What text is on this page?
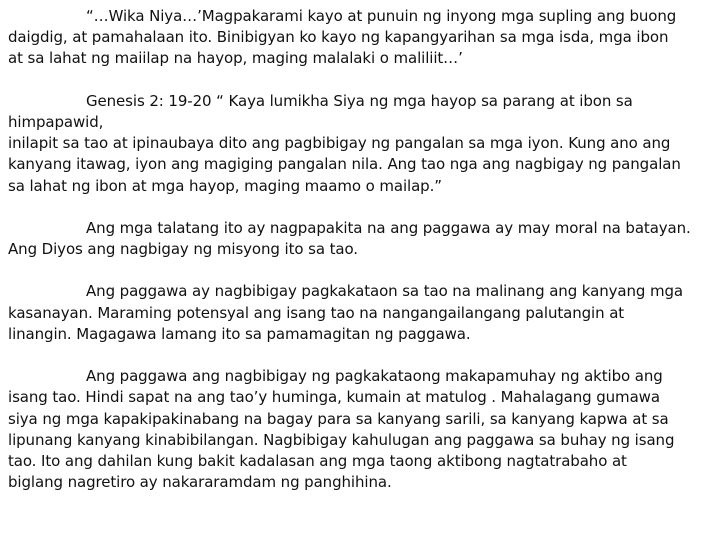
“…Wika Niya…’Magpakarami kayo at punuin ng inyong mga supling ang buong
daigdig, at pamahalaan ito. Binibigyan ko kayo ng kapangyarihan sa mga isda, mga ibon
at sa lahat ng maiilap na hayop, maging malalaki o maliliit…’
Genesis 2: 19-20 “ Kaya lumikha Siya ng mga hayop sa parang at ibon sa
himpapawid,
inilapit sa tao at ipinaubaya dito ang pagbibigay ng pangalan sa mga iyon. Kung ano ang
kanyang itawag, iyon ang magiging pangalan nila. Ang tao nga ang nagbigay ng pangalan
sa lahat ng ibon at mga hayop, maging maamo o mailap.”
Ang mga talatang ito ay nagpapakita na ang paggawa ay may moral na batayan.
Ang Diyos ang nagbigay ng misyong ito sa tao.
Ang paggawa ay nagbibigay pagkakataon sa tao na malinang ang kanyang mga
kasanayan. Maraming potensyal ang isang tao na nangangailangang palutangin at
linangin. Magagawa lamang ito sa pamamagitan ng paggawa.
Ang paggawa ang nagbibigay ng pagkakataong makapamuhay ng aktibo ang
isang tao. Hindi sapat na ang tao’y huminga, kumain at matulog . Mahalagang gumawa
siya ng mga kapakipakinabang na bagay para sa kanyang sarili, sa kanyang kapwa at sa
lipunang kanyang kinabibilangan. Nagbibigay kahulugan ang paggawa sa buhay ng isang
tao. Ito ang dahilan kung bakit kadalasan ang mga taong aktibong nagtatrabaho at
biglang nagretiro ay nakararamdam ng panghihina.
